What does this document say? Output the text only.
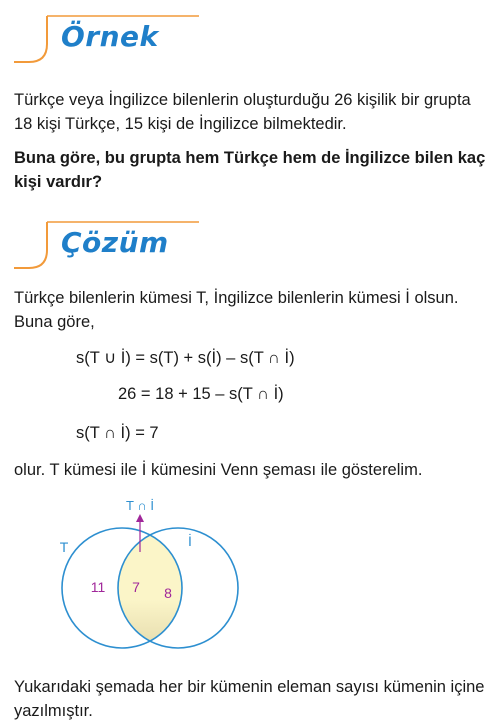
Örnek
Türkçe veya İngilizce bilenlerin oluşturduğu 26 kişilik bir grupta 18 kişi Türkçe, 15 kişi de İngilizce bilmektedir.
Buna göre, bu grupta hem Türkçe hem de İngilizce bilen kaç kişi vardır?
Çözüm
Türkçe bilenlerin kümesi T, İngilizce bilenlerin kümesi İ olsun. Buna göre,
s(T ∪ İ) = s(T) + s(İ) – s(T ∩ İ)
26 = 18 + 15 – s(T ∩ İ)
s(T ∩ İ) = 7
olur. T kümesi ile İ kümesini Venn şeması ile gösterelim.
T ∩ İ
T	İ
11 7 8
Yukarıdaki şemada her bir kümenin eleman sayısı kümenin içine yazılmıştır.
